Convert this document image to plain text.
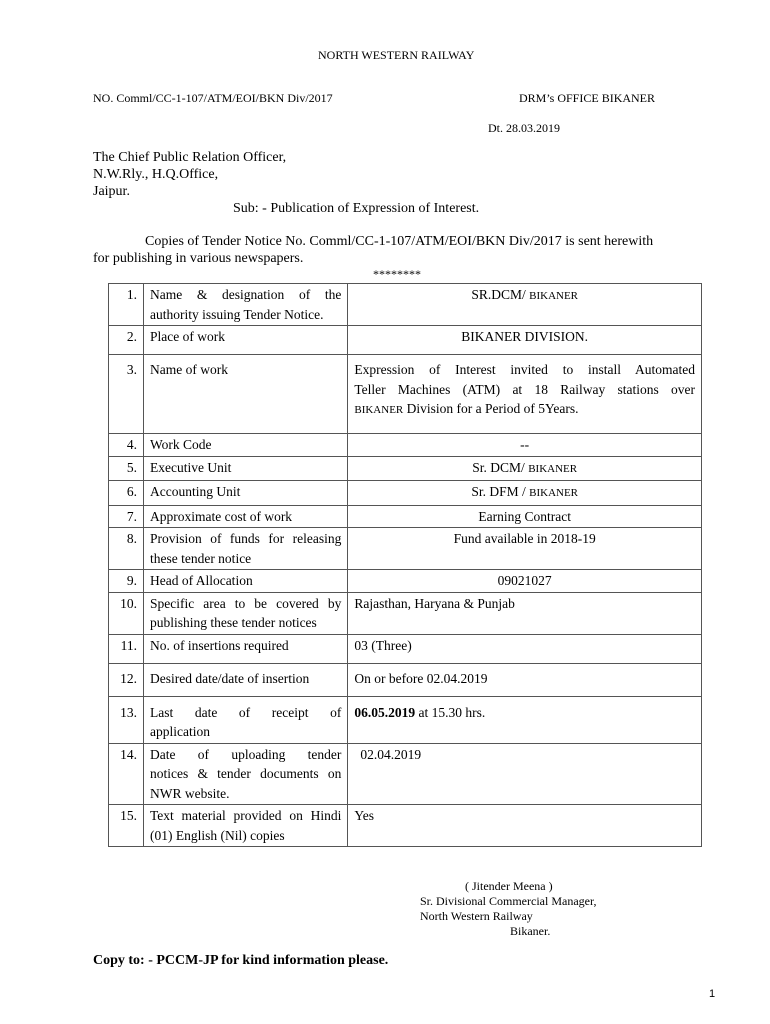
NORTH WESTERN RAILWAY
NO. Comml/CC-1-107/ATM/EOI/BKN Div/2017	DRM’s OFFICE BIKANER
Dt. 28.03.2019
The Chief Public Relation Officer,
N.W.Rly., H.Q.Office,
Jaipur.
Sub: - Publication of Expression of Interest.
Copies of Tender Notice No. Comml/CC-1-107/ATM/EOI/BKN Div/2017 is sent herewith
for publishing in various newspapers.
********
1.	Name & designation of the
authority issuing Tender Notice.	SR.DCM/ BIKANER
2.	Place of work	BIKANER DIVISION.
3.	Name of work	Expression of Interest invited to install Automated
Teller Machines (ATM) at 18 Railway stations over
BIKANER Division for a Period of 5Years.
4.	Work Code	--
5.	Executive Unit	Sr. DCM/ BIKANER
6.	Accounting Unit	Sr. DFM / BIKANER
7.	Approximate cost of work	Earning Contract
8.	Provision of funds for releasing
these tender notice	Fund available in 2018-19
9.	Head of Allocation	09021027
10.	Specific area to be covered by
publishing these tender notices	Rajasthan, Haryana & Punjab
11.	No. of insertions required	03 (Three)
12.	Desired date/date of insertion	On or before 02.04.2019
13.	Last date of receipt of
application	06.05.2019 at 15.30 hrs.
14.	Date of uploading tender
notices & tender documents on
NWR website.	02.04.2019
15.	Text material provided on Hindi
(01) English (Nil) copies	Yes
( Jitender Meena )
Sr. Divisional Commercial Manager,
North Western Railway
Bikaner.
Copy to: - PCCM-JP for kind information please.
1
